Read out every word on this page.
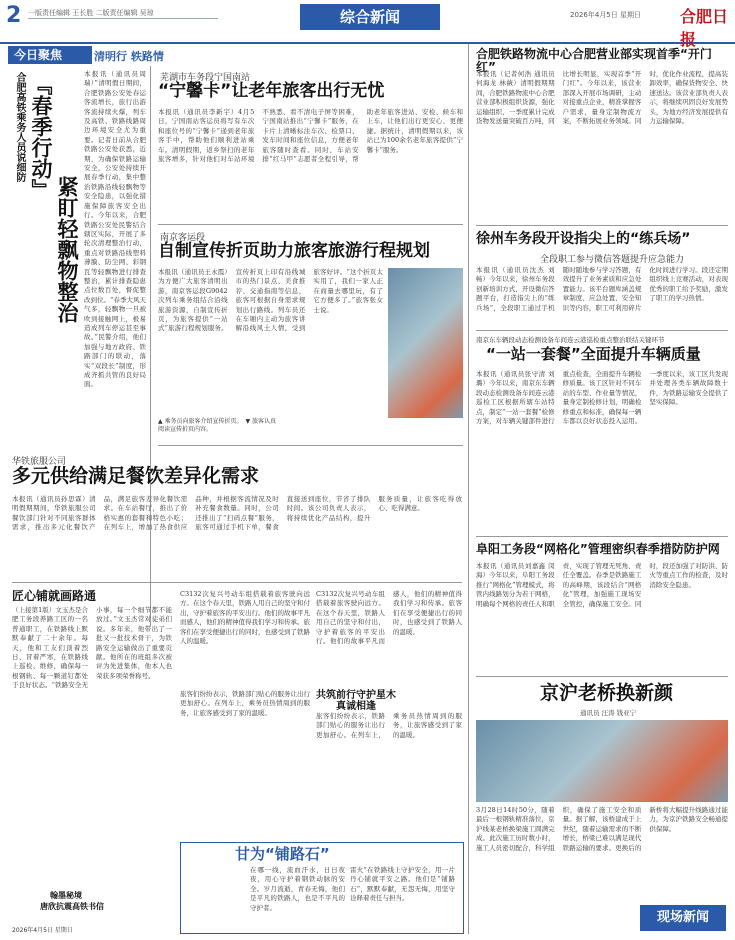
2 一版责任编辑 王长胜 二版责任编辑 吴琼	综合新闻	2026年4月5日 星期日 合肥日报
今日聚焦	清明行 轶路情
合肥高铁乘务人员说细防 『春季行动』
紧盯轻飘物整治
本报讯（通讯员周瑞）”清明假日期间，合肥铁路公安处春运客流增长，旅行出游客流持续火爆，列车及高铁、铁路线路周边环境安全尤为重要。记者日前从合肥铁路公安处获悉，近期，为确保铁路运输安全，公安处持续开展春季行动，集中整治铁路沿线轻飘物等安全隐患，以强化措施保障旅客安全出行。今年以来，合肥铁路公安处民警结合辖区实际，开展了多轮次清理整治行动，重点对铁路沿线塑料薄膜、防尘网、彩钢瓦等轻飘物进行排查整治，累计排查隐患点位数百处，督促整改到位。“春季大风天气多，轻飘物一旦被吹到接触网上，极易造成列车停运甚至事故。”民警介绍，他们加强与地方政府、铁路部门的联动，落实“双段长”制度，形成齐抓共管的良好局面。
芜湖市车务段宁国南站
“宁馨卡”让老年旅客出行无忧
本报讯（通讯员李新宇）4月5日，宁国南站客运员将写有车次和座位号的“宁馨卡”递到老年旅客手中，帮助他们顺利进站乘车。清明假期，返乡祭扫的老年旅客增多，针对他们对车站环境不熟悉、看不清电子屏等困难，宁国南站推出“宁馨卡”服务，在卡片上清晰标注车次、检票口、发车时间和座位信息，方便老年旅客随时查看。同时，车站安排“红马甲”志愿者全程引导，帮助老年旅客进站、安检、候车和上车，让他们出行更安心、更便捷。据统计，清明假期以来，该站已为100余名老年旅客提供“宁馨卡”服务。
南京客运段
自制宣传折页助力旅客旅游行程规划
本报讯（通讯员王永霞）为方便广大旅客清明出游，南京客运段G9042次列车乘务组结合沿线旅游资源，自制宣传折页，为旅客提供“一站式”旅游行程规划服务。宣传折页上印有沿线城市的热门景点、美食推荐、交通指南等信息，旅客可根据自身需求规划出行路线。列车员还在车厢内主动为旅客讲解沿线风土人情，受到旅客好评。“这个折页太实用了，我们一家人正在商量去哪里玩，有了它方便多了。”旅客张女士说。
▲ 乘务员向旅客介绍宣传折页。　▼ 旅客认真阅读宣传折页内容。
华铁旅服公司
多元供给满足餐饮差异化需求
本报讯（通讯员孙思霖）清明假期期间，华铁旅服公司餐饮部门针对不同旅客群体需求，推出多元化餐饮产品，满足旅客差异化餐饮需求。在车站餐厅，推出了价格实惠的套餐和特色小吃；在列车上，增加了热食供应品种，并根据客流情况及时补充餐食数量。同时，公司还推出了“扫码点餐”服务，旅客可通过手机下单，餐食直接送到座位，节省了排队时间。该公司负责人表示，将持续优化产品结构，提升服务质量，让旅客吃得放心、吃得满意。
匠心铺就画路通
（上接第1版）文玉杰是合肥工务段养路工区的一名普通职工，在铁路线上默默奉献了二十余年。每天，他和工友们顶着烈日、冒着严寒，在铁路线上巡检、维修，确保每一根钢轨、每一颗道钉都处于良好状态。“铁路安全无小事，每一个细节都不能放过。”文玉杰常对徒弟们说。多年来，他带出了一批又一批技术骨干，为铁路安全运输做出了重要贡献。他所在的班组多次被评为先进集体，他本人也荣获多项荣誉称号。
翰墨秘境
唐欣抗震高铁书信
2026年4月5日 星期日
C3132次复兴号动车组搭载着旅客驶向远方。在这个春天里，铁路人用自己的坚守和付出，守护着旅客的平安出行。他们的故事平凡而感人，他们的精神值得我们学习和传承。旅客们在享受便捷出行的同时，也感受到了铁路人的温暖。
共筑前行守护星木真诚相逢
旅客们纷纷表示，铁路部门贴心的服务让出行更加舒心。在列车上，乘务员热情周到的服务，让旅客感受到了家的温暖。
C3132次复兴号动车组搭载着旅客驶向远方。在这个春天里，铁路人用自己的坚守和付出，守护着旅客的平安出行。他们的故事平凡而感人，他们的精神值得我们学习和传承。旅客们在享受便捷出行的同时，也感受到了铁路人的温暖。
旅客们纷纷表示，铁路部门贴心的服务让出行更加舒心。在列车上，乘务员热情周到的服务，让旅客感受到了家的温暖。
甘为“铺路石”
在哪一线，流血汗水，日日夜夜，用心守护着钢铁动脉的安全。岁月流逝，青春无悔，他们是平凡的铁路人，也是不平凡的守护者。
雷火”在铁路线上守护安全，用一片丹心铺就平安之路。他们是“铺路石”，默默奉献，无怨无悔，用坚守诠释着责任与担当。
合肥铁路物流中心合肥营业部实现首季“开门红”
本报讯（记者何浩 通讯员何海龙 林薇）清明假期期间，合肥铁路物流中心合肥营业部积极组织货源，强化运输组织，一季度累计完成货物发送量突破百万吨，同比增长明显，实现首季“开门红”。今年以来，该营业部深入开展市场调研，主动对接重点企业，精准掌握客户需求，量身定制物流方案，不断拓展业务领域。同时，优化作业流程，提高装卸效率，确保货物安全、快速送达。该营业部负责人表示，将继续巩固良好发展势头，为地方经济发展提供有力运输保障。
徐州车务段开设指尖上的“练兵场”
全段职工参与微信答题提升应急能力
本报讯（通讯员沈杰 刘 畅）今年以来，徐州车务段创新培训方式，开设微信答题平台，打造指尖上的“练兵场”，全段职工通过手机随时随地参与学习答题，有效提升了业务素质和应急处置能力。该平台题库涵盖规章制度、应急处置、安全知识等内容，职工可利用碎片化时间进行学习。段还定期组织线上竞赛活动，对表现优秀的职工给予奖励，激发了职工的学习热情。
南京东车辆段动态检测设备车间连云港巡检重点整治联结关键环节
“一站一套餐”全面提升车辆质量
本报讯（通讯员张守清 刘 璐）今年以来，南京东车辆段动态检测设备车间连云港巡检工区根据所辖车站特点，制定“一站一套餐”检修方案，对车辆关键部件进行重点检查，全面提升车辆检修质量。该工区针对不同车站的车型、作业量等情况，量身定制检修计划，明确检修重点和标准，确保每一辆车都以良好状态投入运用。一季度以来，该工区共发现并处理各类车辆故障数十件，为铁路运输安全提供了坚实保障。
阜阳工务段“网格化”管理密织春季措防防护网
本报讯（通讯员刘嘉鑫 闵海）今年以来，阜阳工务段推行“网格化”管理模式，将管内线路划分为若干网格，明确每个网格的责任人和职责，实现了管理无死角、责任全覆盖。春季是铁路施工的高峰期，该段结合“网格化”管理，加强施工现场安全管控，确保施工安全。同时，段还加强了对防洪、防火等重点工作的检查，及时消除安全隐患。
京沪老桥换新颜
通讯员 汪涛 钱亚宁
3月28日14时50分，随着最后一根钢轨精准落位，京沪线某老桥换梁施工圆满完成。此次施工历时数小时，施工人员密切配合，科学组织，确保了施工安全和质量。据了解，该桥建成于上世纪，随着运输需求的不断增长，桥梁已难以满足现代铁路运输的要求。更换后的新桥将大幅提升线路通过能力，为京沪铁路安全畅通提供保障。
现场新闻
